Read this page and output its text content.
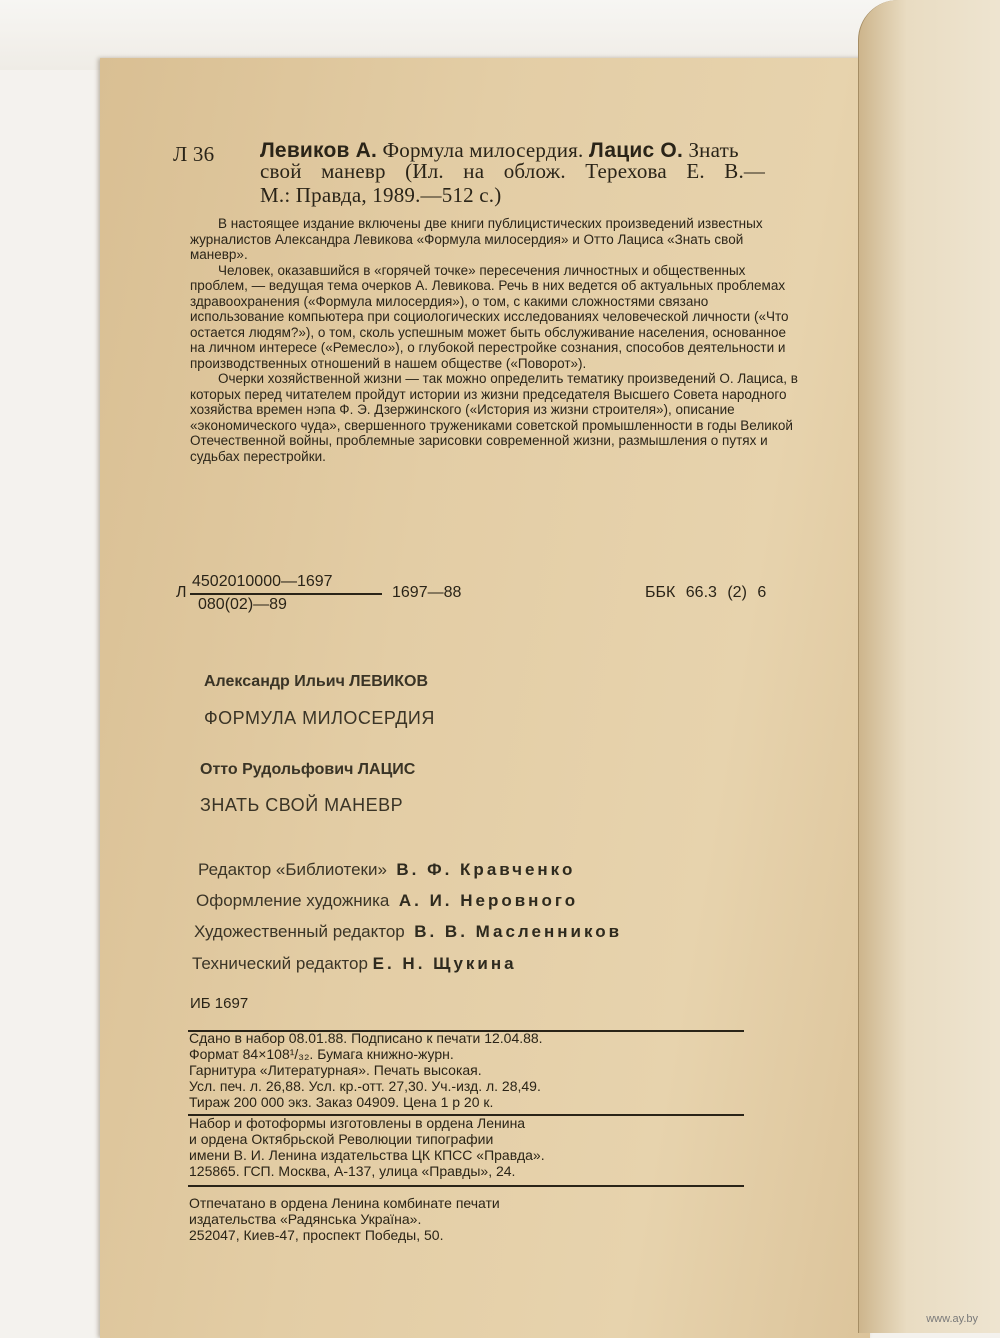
Л 36 Левиков А. Формула милосердия. Лацис О. Знать
свой маневр (Ил. на облож. Терехова Е. В.—
М.: Правда, 1989.—512 с.)

В настоящее издание включены две книги публицистических произведений известных журналистов Александра Левикова «Формула милосердия» и Отто Лациса «Знать свой маневр».

Человек, оказавшийся в «горячей точке» пересечения личностных и общественных проблем, — ведущая тема очерков А. Левикова. Речь в них ведется об актуальных проблемах здравоохранения («Формула милосердия»), о том, с какими сложностями связано использование компьютера при социологических исследованиях человеческой личности («Что остается людям?»), о том, сколь успешным может быть обслуживание населения, основанное на личном интересе («Ремесло»), о глубокой перестройке сознания, способов деятельности и производственных отношений в нашем обществе («Поворот»).

Очерки хозяйственной жизни — так можно определить тематику произведений О. Лациса, в которых перед читателем пройдут истории из жизни председателя Высшего Совета народного хозяйства времен нэпа Ф. Э. Дзержинского («История из жизни строителя»), описание «экономического чуда», свершенного тружениками советской промышленности в годы Великой Отечественной войны, проблемные зарисовки современной жизни, размышления о путях и судьбах перестройки.

Л
4502010000—1697
080(02)—89
1697—88	ББК 66.3 (2) 6
Александр Ильич ЛЕВИКОВ
ФОРМУЛА МИЛОСЕРДИЯ
Отто Рудольфович ЛАЦИС
ЗНАТЬ СВОЙ МАНЕВР
Редактор «Библиотеки» В. Ф. Кравченко
Оформление художника А. И. Неровного
Художественный редактор В. В. Масленников
Технический редактор Е. Н. Щукина
ИБ 1697
Сдано в набор 08.01.88. Подписано к печати 12.04.88.
Формат 84×108¹/₃₂. Бумага книжно-журн.
Гарнитура «Литературная». Печать высокая.
Усл. печ. л. 26,88. Усл. кр.-отт. 27,30. Уч.-изд. л. 28,49.
Тираж 200 000 экз. Заказ 04909. Цена 1 р 20 к.
Набор и фотоформы изготовлены в ордена Ленина
и ордена Октябрьской Революции типографии
имени В. И. Ленина издательства ЦК КПСС «Правда».
125865. ГСП. Москва, А-137, улица «Правды», 24.
Отпечатано в ордена Ленина комбинате печати
издательства «Радянська Україна».
252047, Киев-47, проспект Победы, 50.
www.ay.by
